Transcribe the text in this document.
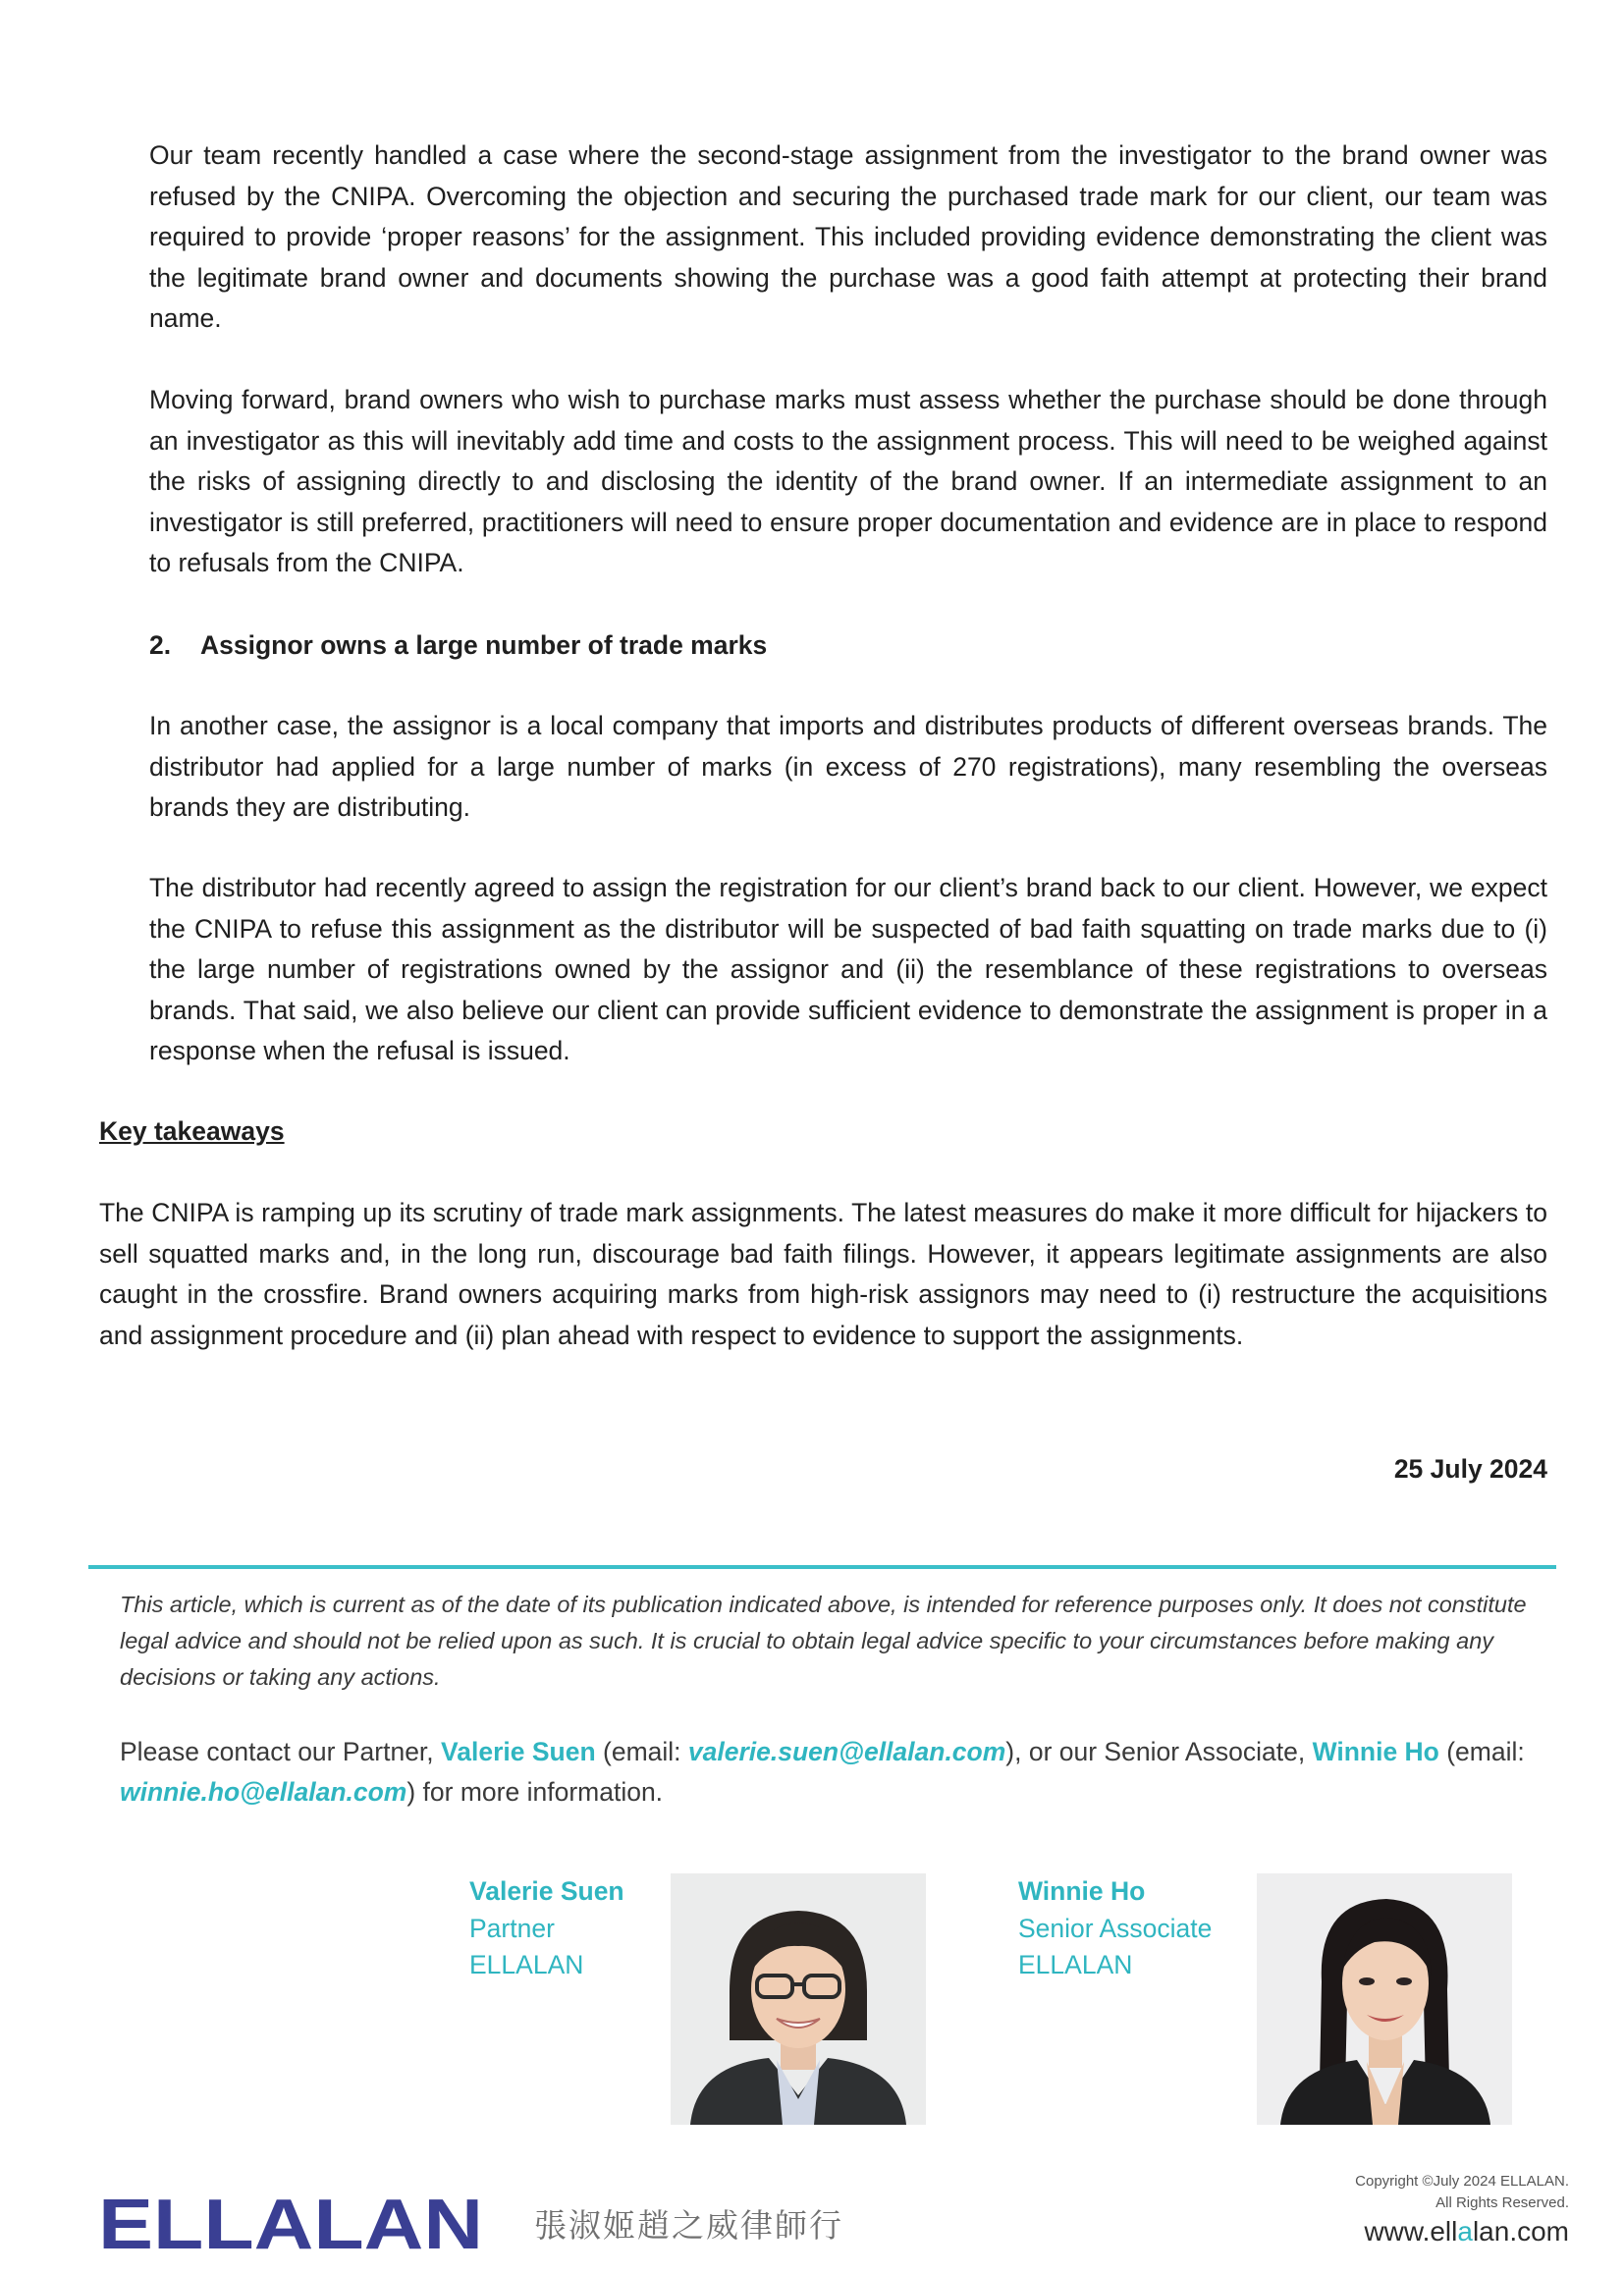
Our team recently handled a case where the second-stage assignment from the investigator to the brand owner was refused by the CNIPA. Overcoming the objection and securing the purchased trade mark for our client, our team was required to provide ‘proper reasons’ for the assignment. This included providing evidence demonstrating the client was the legitimate brand owner and documents showing the purchase was a good faith attempt at protecting their brand name.

Moving forward, brand owners who wish to purchase marks must assess whether the purchase should be done through an investigator as this will inevitably add time and costs to the assignment process. This will need to be weighed against the risks of assigning directly to and disclosing the identity of the brand owner. If an intermediate assignment to an investigator is still preferred, practitioners will need to ensure proper documentation and evidence are in place to respond to refusals from the CNIPA.

2. Assignor owns a large number of trade marks

In another case, the assignor is a local company that imports and distributes products of different overseas brands. The distributor had applied for a large number of marks (in excess of 270 registrations), many resembling the overseas brands they are distributing.

The distributor had recently agreed to assign the registration for our client’s brand back to our client. However, we expect the CNIPA to refuse this assignment as the distributor will be suspected of bad faith squatting on trade marks due to (i) the large number of registrations owned by the assignor and (ii) the resemblance of these registrations to overseas brands. That said, we also believe our client can provide sufficient evidence to demonstrate the assignment is proper in a response when the refusal is issued.

Key takeaways

The CNIPA is ramping up its scrutiny of trade mark assignments. The latest measures do make it more difficult for hijackers to sell squatted marks and, in the long run, discourage bad faith filings. However, it appears legitimate assignments are also caught in the crossfire. Brand owners acquiring marks from high-risk assignors may need to (i) restructure the acquisitions and assignment procedure and (ii) plan ahead with respect to evidence to support the assignments.

25 July 2024

This article, which is current as of the date of its publication indicated above, is intended for reference purposes only. It does not constitute legal advice and should not be relied upon as such. It is crucial to obtain legal advice specific to your circumstances before making any decisions or taking any actions.

Please contact our Partner, Valerie Suen (email: valerie.suen@ellalan.com), or our Senior Associate, Winnie Ho (email: winnie.ho@ellalan.com) for more information.

Valerie Suen
Partner
ELLALAN
Winnie Ho
Senior Associate
ELLALAN
ELLALAN 張淑姬趙之威律師行
Copyright ©July 2024 ELLALAN.
All Rights Reserved.
www.ellalan.com
